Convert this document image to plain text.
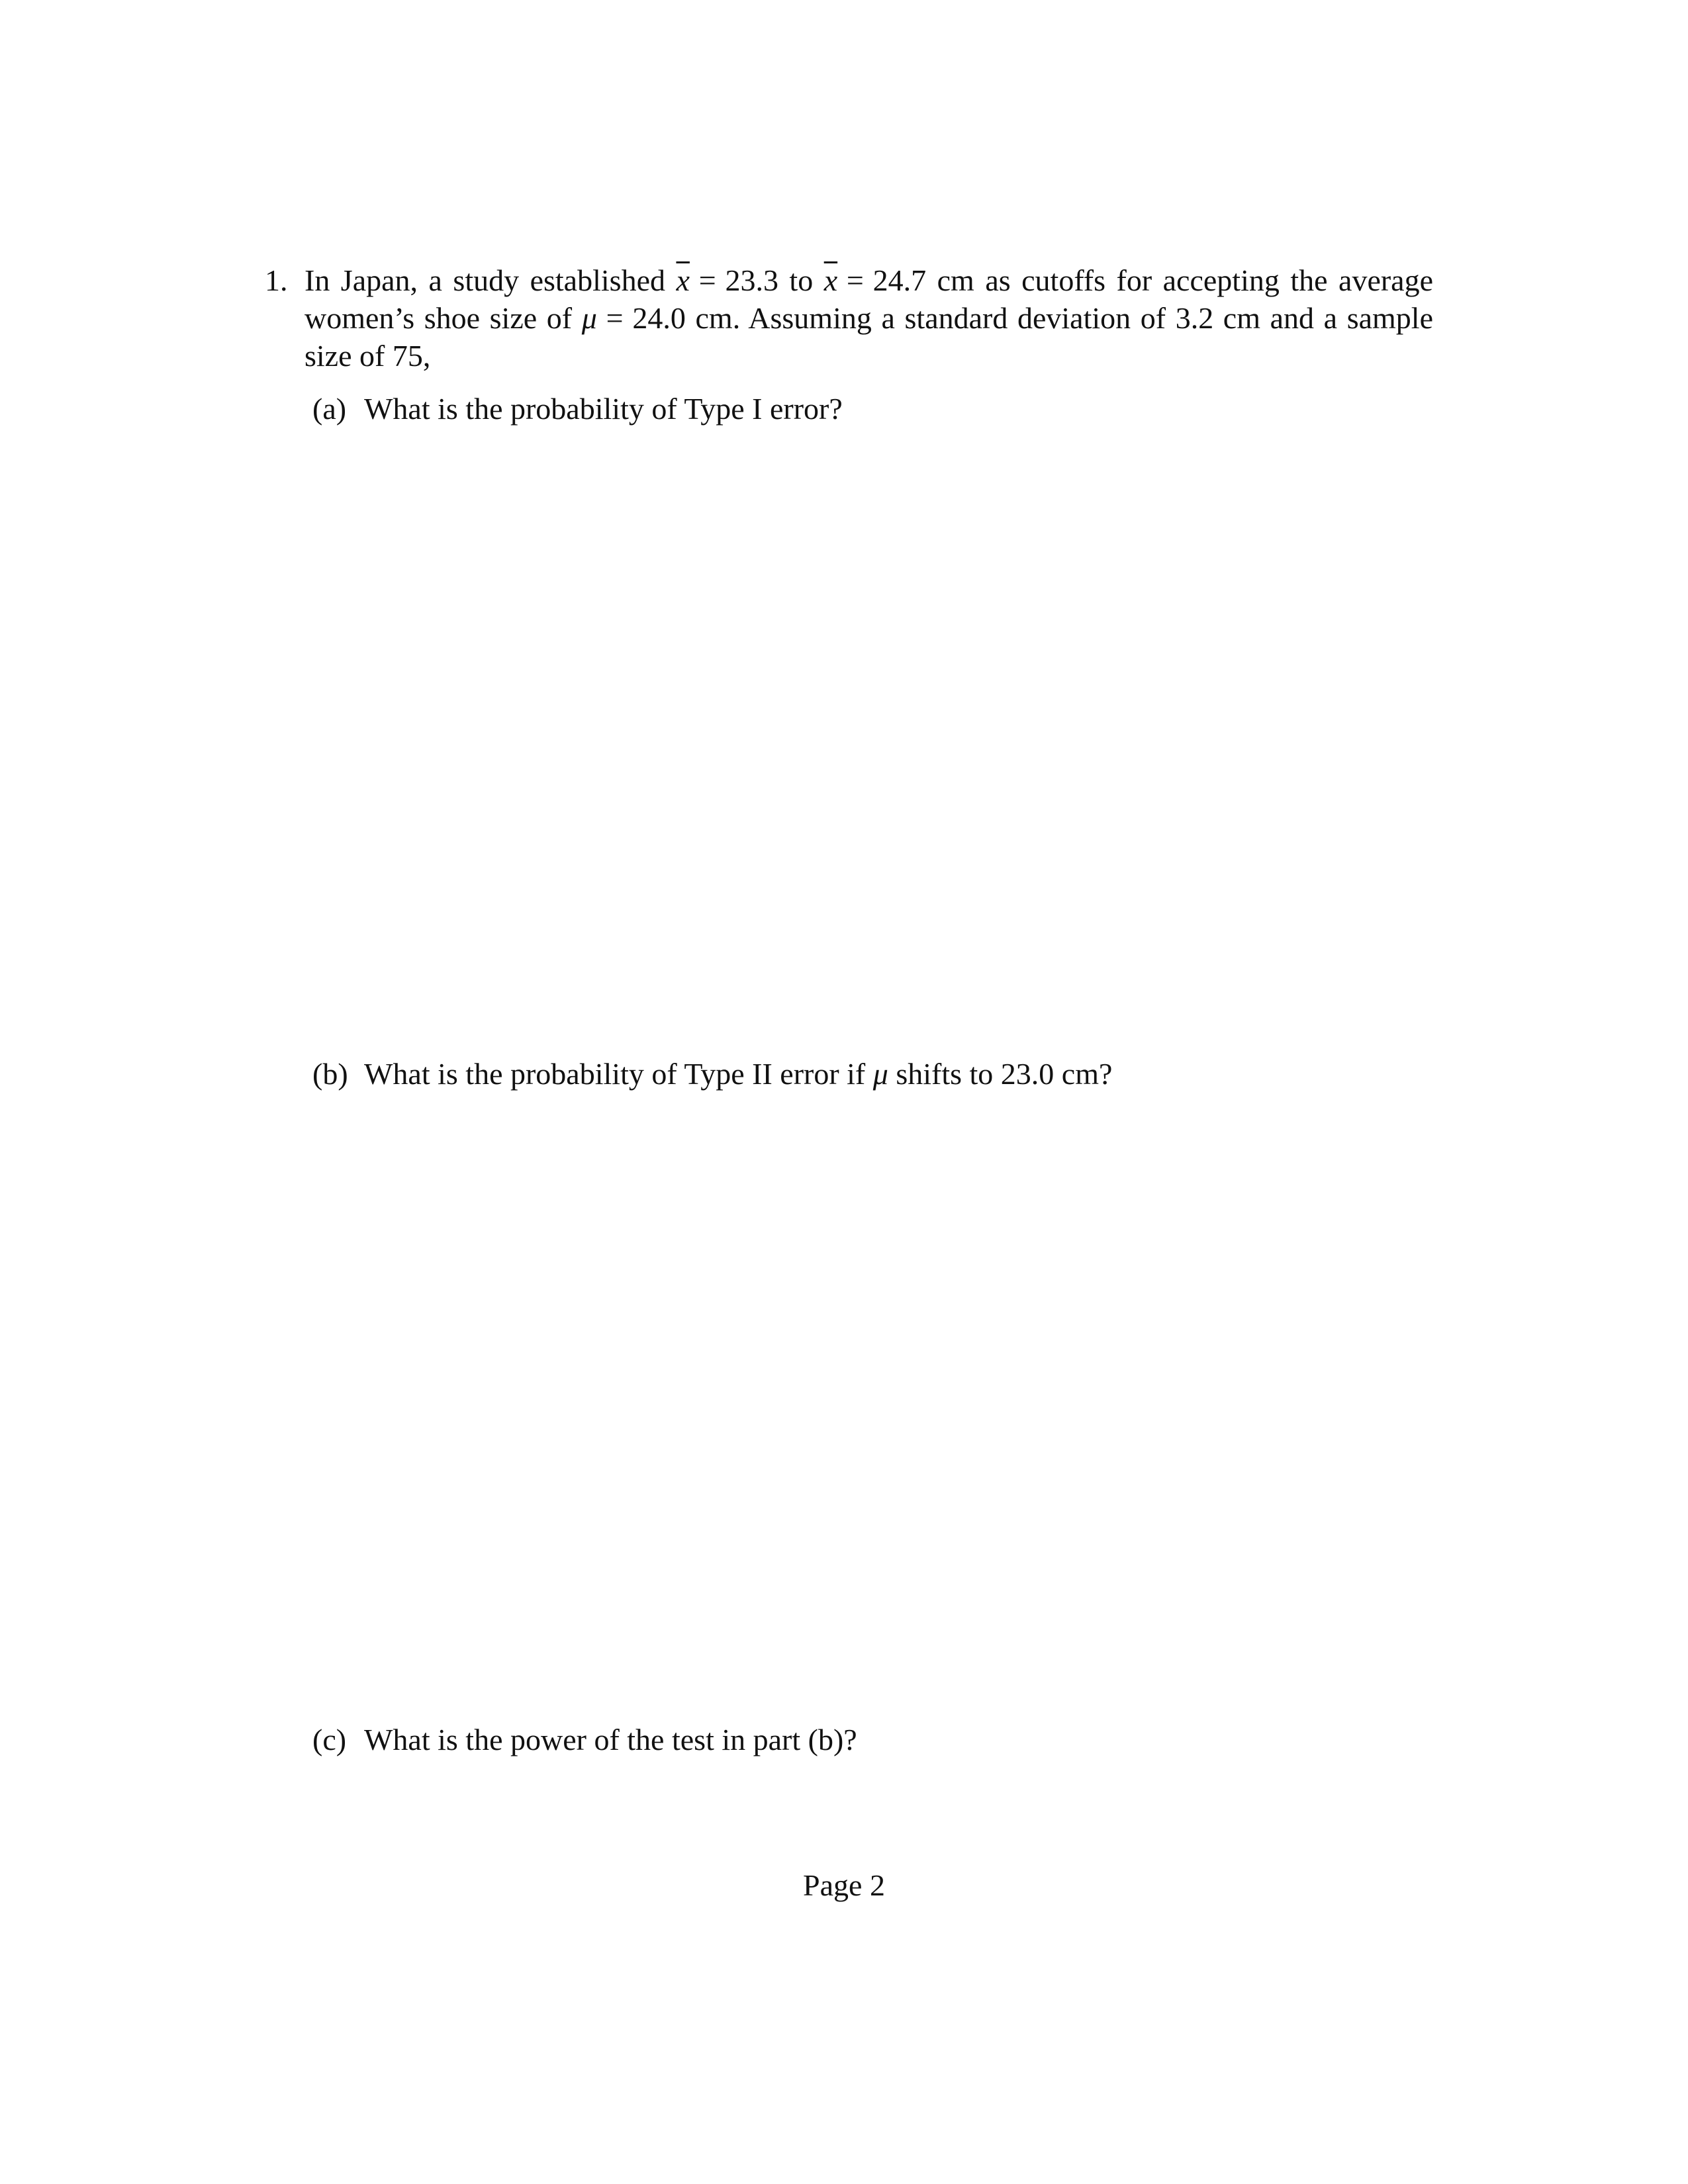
1. In Japan, a study established $\overline{x} = 23.3$ to $\overline{x} = 24.7$ cm as cutoffs for accepting the average women’s shoe size of μ = 24.0 cm. Assuming a standard deviation of 3.2 cm and a sample size of 75,
(a) What is the probability of Type I error?
(b) What is the probability of Type II error if μ shifts to 23.0 cm?
(c) What is the power of the test in part (b)?
Page 2
